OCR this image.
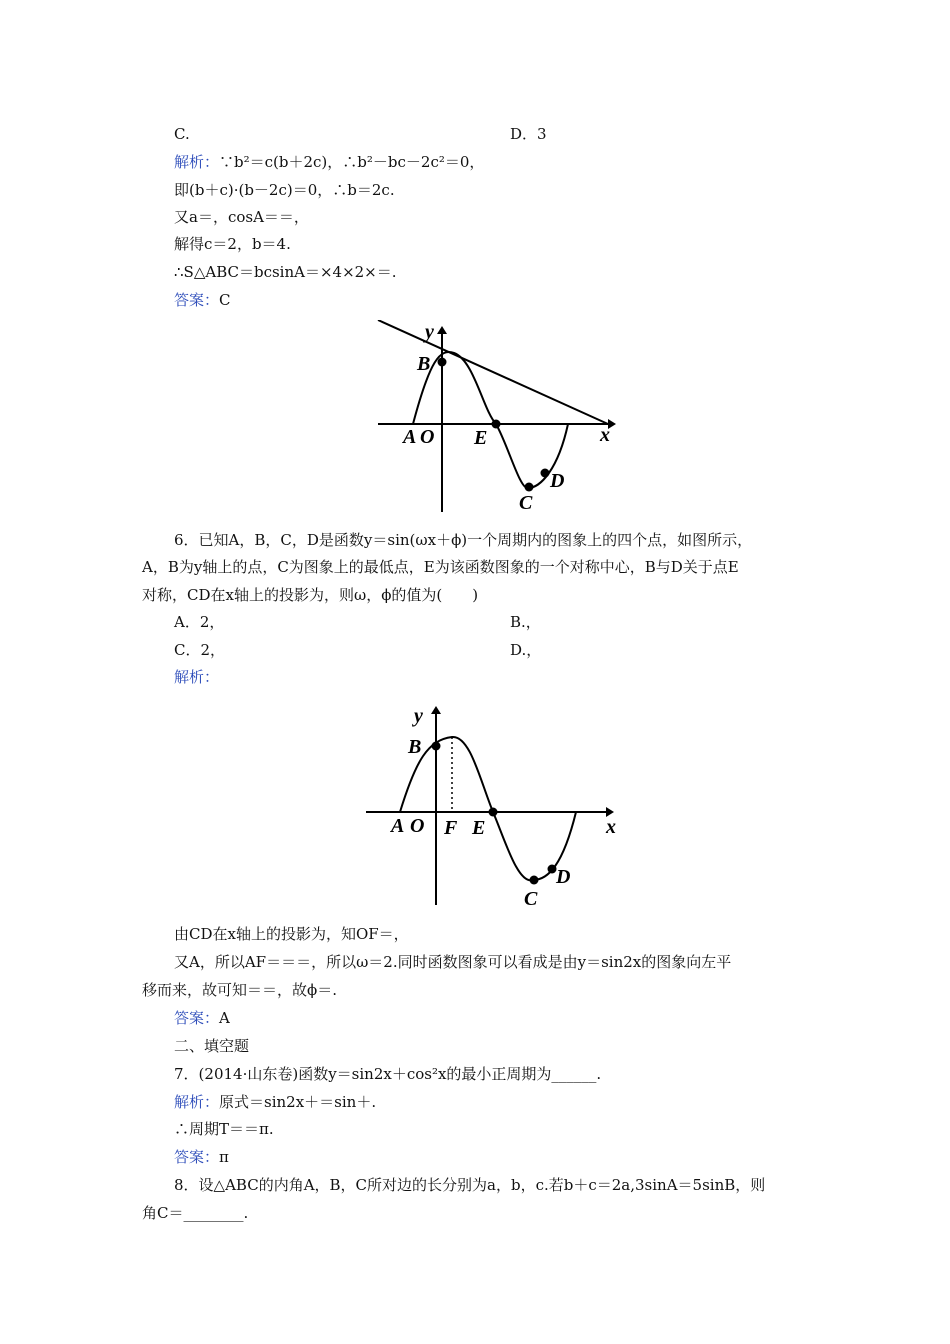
C.	D．3
解析：∵b²＝c(b＋2c)，∴b²－bc－2c²＝0，
即(b＋c)·(b－2c)＝0，∴b＝2c.
又a＝，cosA＝＝，
解得c＝2，b＝4.
∴S△ABC＝bcsinA＝×4×2×＝.
答案：C
y
x
B
A O E
C
D
6．已知A，B，C，D是函数y＝sin(ωx＋ϕ)一个周期内的图象上的四个点，如图所示，
A，B为y轴上的点，C为图象上的最低点，E为该函数图象的一个对称中心，B与D关于点E
对称，CD在x轴上的投影为，则ω，ϕ的值为(　　)
A．2，	B.，
C．2，	D.，
解析：
y
x
B
A O F E
C
D
由CD在x轴上的投影为，知OF＝，
又A，所以AF＝＝＝，所以ω＝2.同时函数图象可以看成是由y＝sin2x的图象向左平
移而来，故可知＝＝，故ϕ＝.
答案：A
二、填空题
7．(2014·山东卷)函数y＝sin2x＋cos²x的最小正周期为______.
解析：原式＝sin2x＋＝sin＋.
∴周期T＝＝π.
答案：π
8．设△ABC的内角A，B，C所对边的长分别为a，b，c.若b＋c＝2a,3sinA＝5sinB，则
角C＝________.
